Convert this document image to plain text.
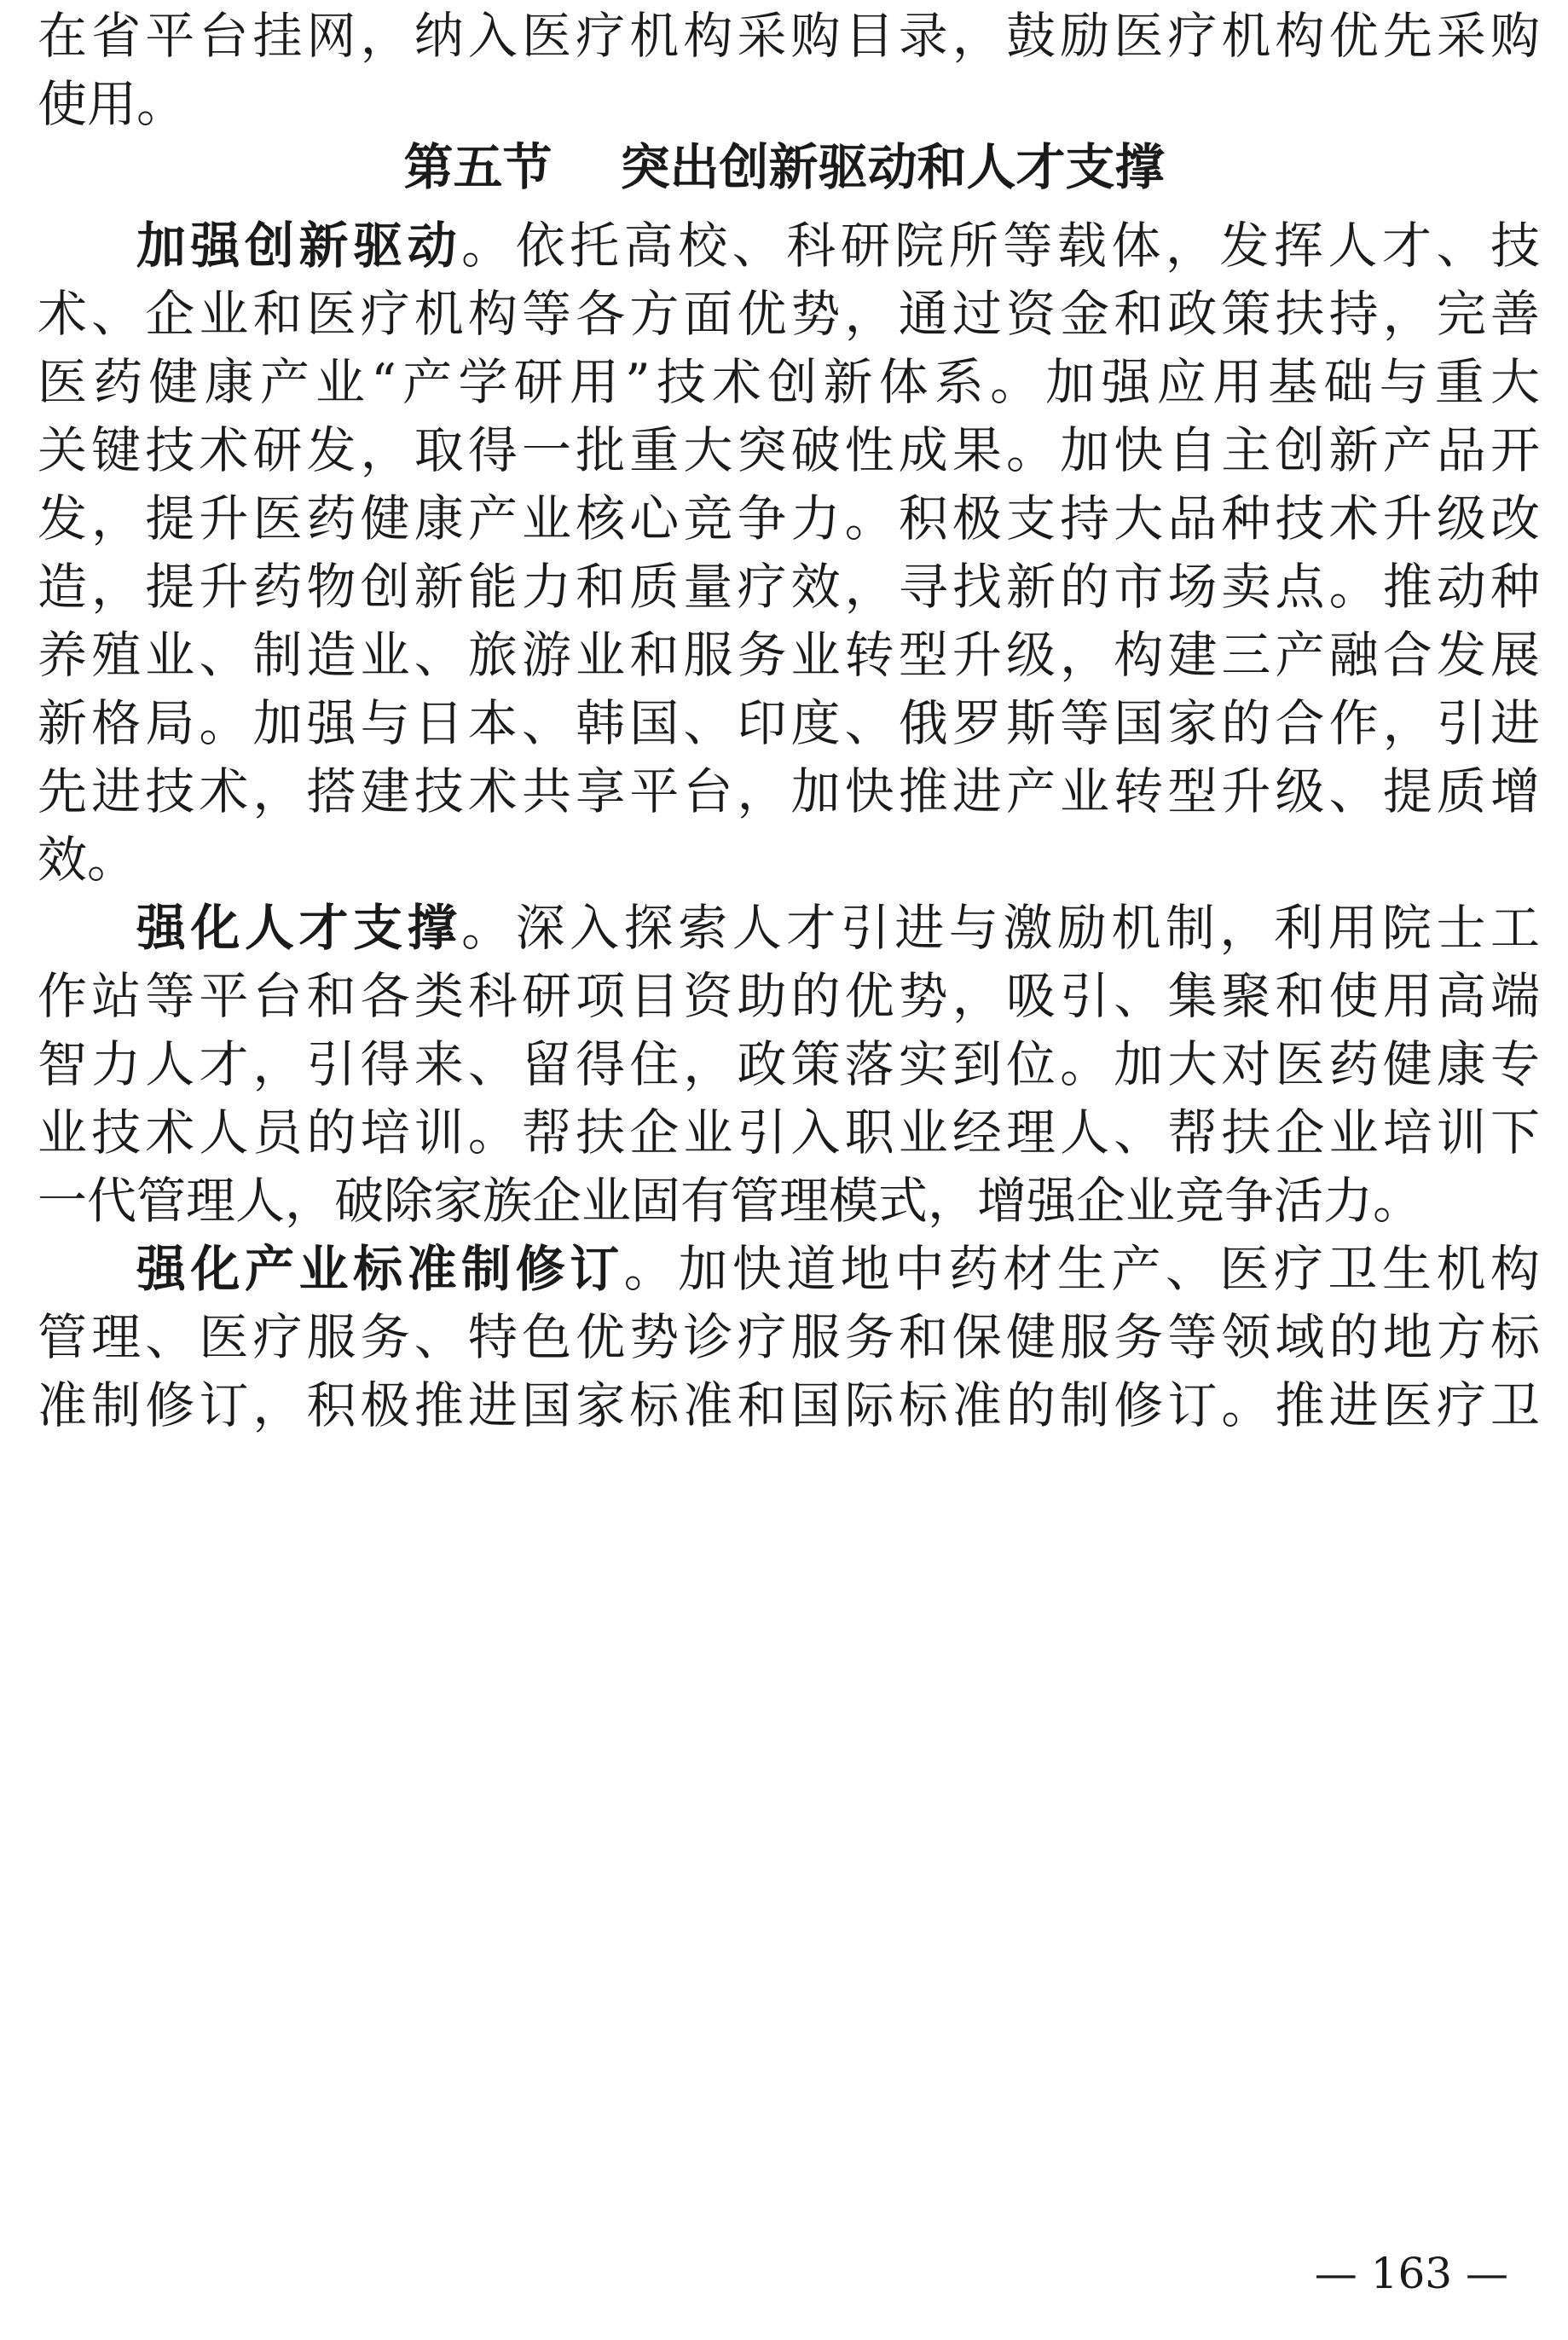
在省平台挂网，纳入医疗机构采购目录，鼓励医疗机构优先采购
使用。
第五节 突出创新驱动和人才支撑
加强创新驱动。依托高校、科研院所等载体，发挥人才、技
术、企业和医疗机构等各方面优势，通过资金和政策扶持，完善
医药健康产业“产学研用”技术创新体系。加强应用基础与重大
关键技术研发，取得一批重大突破性成果。加快自主创新产品开
发，提升医药健康产业核心竞争力。积极支持大品种技术升级改
造，提升药物创新能力和质量疗效，寻找新的市场卖点。推动种
养殖业、制造业、旅游业和服务业转型升级，构建三产融合发展
新格局。加强与日本、韩国、印度、俄罗斯等国家的合作，引进
先进技术，搭建技术共享平台，加快推进产业转型升级、提质增
效。
强化人才支撑。深入探索人才引进与激励机制，利用院士工
作站等平台和各类科研项目资助的优势，吸引、集聚和使用高端
智力人才，引得来、留得住，政策落实到位。加大对医药健康专
业技术人员的培训。帮扶企业引入职业经理人、帮扶企业培训下
一代管理人，破除家族企业固有管理模式，增强企业竞争活力。
强化产业标准制修订。加快道地中药材生产、医疗卫生机构
管理、医疗服务、特色优势诊疗服务和保健服务等领域的地方标
准制修订，积极推进国家标准和国际标准的制修订。推进医疗卫
— 163 —
